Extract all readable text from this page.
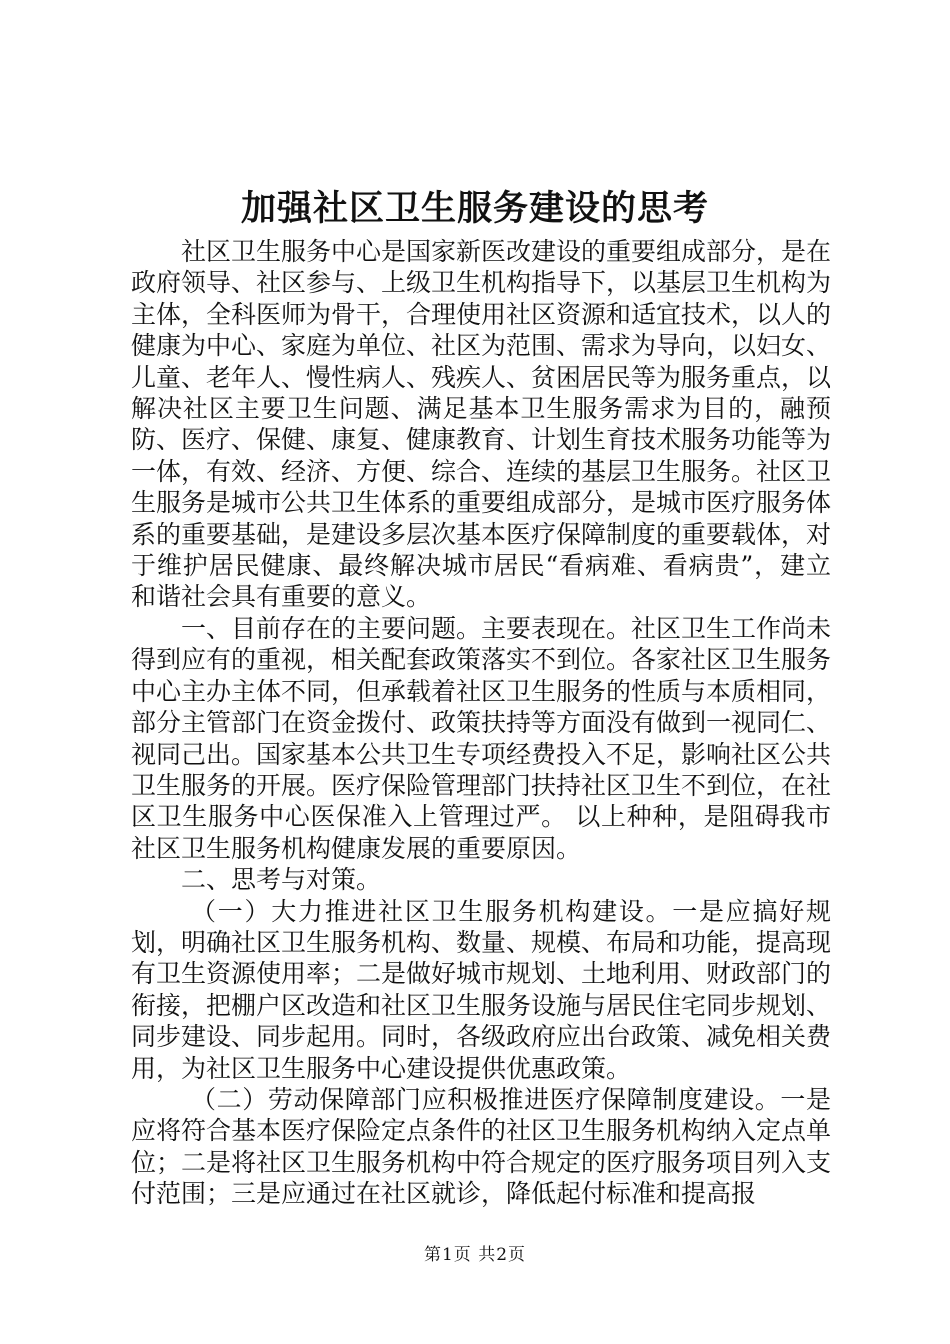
加强社区卫生服务建设的思考

社区卫生服务中心是国家新医改建设的重要组成部分，是在政府领导、社区参与、上级卫生机构指导下，以基层卫生机构为主体，全科医师为骨干，合理使用社区资源和适宜技术，以人的健康为中心、家庭为单位、社区为范围、需求为导向，以妇女、儿童、老年人、慢性病人、残疾人、贫困居民等为服务重点，以解决社区主要卫生问题、满足基本卫生服务需求为目的，融预防、医疗、保健、康复、健康教育、计划生育技术服务功能等为一体，有效、经济、方便、综合、连续的基层卫生服务。社区卫生服务是城市公共卫生体系的重要组成部分，是城市医疗服务体系的重要基础，是建设多层次基本医疗保障制度的重要载体，对于维护居民健康、最终解决城市居民“看病难、看病贵”，建立和谐社会具有重要的意义。

一、目前存在的主要问题。主要表现在。社区卫生工作尚未得到应有的重视，相关配套政策落实不到位。各家社区卫生服务中心主办主体不同，但承载着社区卫生服务的性质与本质相同，部分主管部门在资金拨付、政策扶持等方面没有做到一视同仁、视同己出。国家基本公共卫生专项经费投入不足，影响社区公共卫生服务的开展。医疗保险管理部门扶持社区卫生不到位，在社区卫生服务中心医保准入上管理过严。 以上种种，是阻碍我市社区卫生服务机构健康发展的重要原因。

二、思考与对策。

（一）大力推进社区卫生服务机构建设。一是应搞好规划，明确社区卫生服务机构、数量、规模、布局和功能，提高现有卫生资源使用率；二是做好城市规划、土地利用、财政部门的衔接，把棚户区改造和社区卫生服务设施与居民住宅同步规划、同步建设、同步起用。同时，各级政府应出台政策、减免相关费用，为社区卫生服务中心建设提供优惠政策。

（二）劳动保障部门应积极推进医疗保障制度建设。一是应将符合基本医疗保险定点条件的社区卫生服务机构纳入定点单位；二是将社区卫生服务机构中符合规定的医疗服务项目列入支付范围；三是应通过在社区就诊，降低起付标准和提高报

第1页 共2页
